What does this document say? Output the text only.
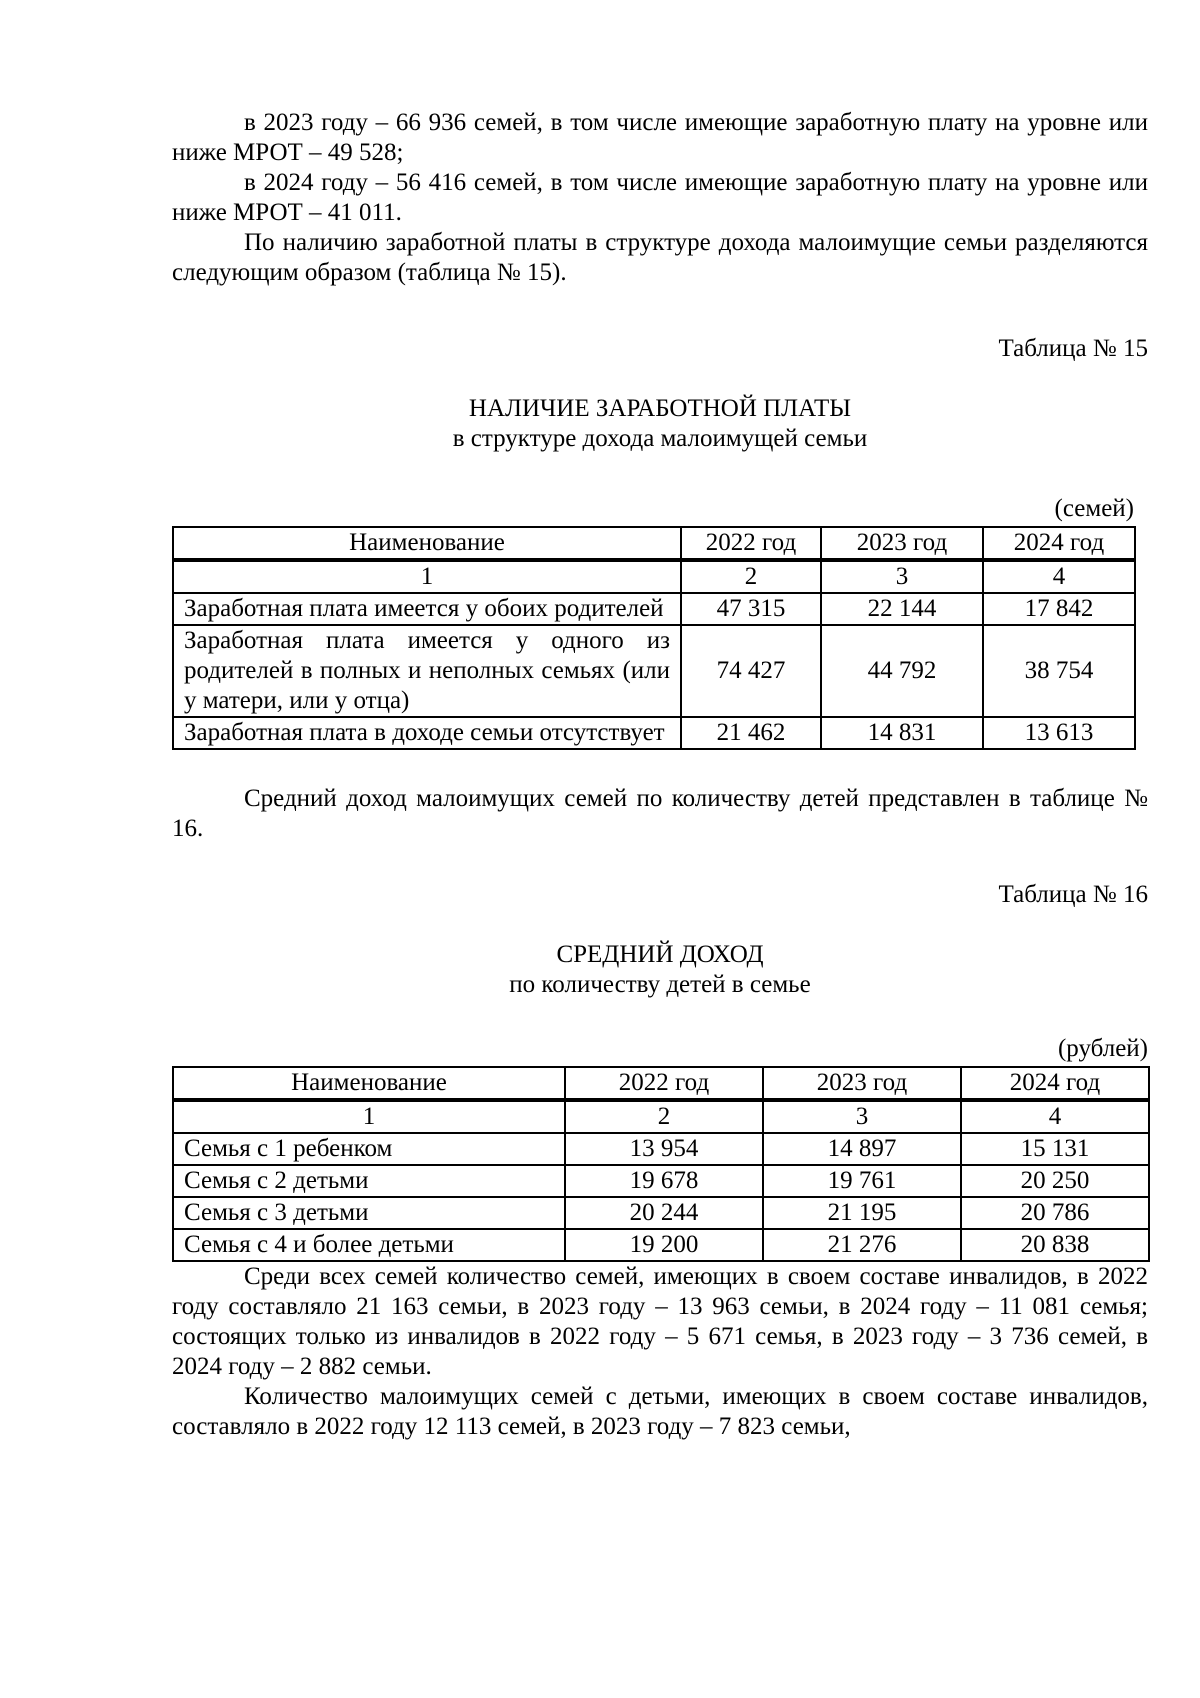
в 2023 году – 66 936 семей, в том числе имеющие заработную плату на уровне или ниже МРОТ – 49 528;

в 2024 году – 56 416 семей, в том числе имеющие заработную плату на уровне или ниже МРОТ – 41 011.

По наличию заработной платы в структуре дохода малоимущие семьи разделяются следующим образом (таблица № 15).

Таблица № 15

НАЛИЧИЕ ЗАРАБОТНОЙ ПЛАТЫ

в структуре дохода малоимущей семьи

(семей)

Наименование	2022 год	2023 год	2024 год
1	2	3	4
Заработная плата имеется у обоих родителей	47 315	22 144	17 842
Заработная плата имеется у одного из родителей в полных и неполных семьях (или у матери, или у отца)	74 427	44 792	38 754
Заработная плата в доходе семьи отсутствует	21 462	14 831	13 613

Средний доход малоимущих семей по количеству детей представлен в таблице № 16.

Таблица № 16

СРЕДНИЙ ДОХОД

по количеству детей в семье

(рублей)

Наименование	2022 год	2023 год	2024 год
1	2	3	4
Семья с 1 ребенком	13 954	14 897	15 131
Семья с 2 детьми	19 678	19 761	20 250
Семья с 3 детьми	20 244	21 195	20 786
Семья с 4 и более детьми	19 200	21 276	20 838

Среди всех семей количество семей, имеющих в своем составе инвалидов, в 2022 году составляло 21 163 семьи, в 2023 году – 13 963 семьи, в 2024 году – 11 081 семья; состоящих только из инвалидов в 2022 году – 5 671 семья, в 2023 году – 3 736 семей, в 2024 году – 2 882 семьи.

Количество малоимущих семей с детьми, имеющих в своем составе инвалидов, составляло в 2022 году 12 113 семей, в 2023 году – 7 823 семьи,
